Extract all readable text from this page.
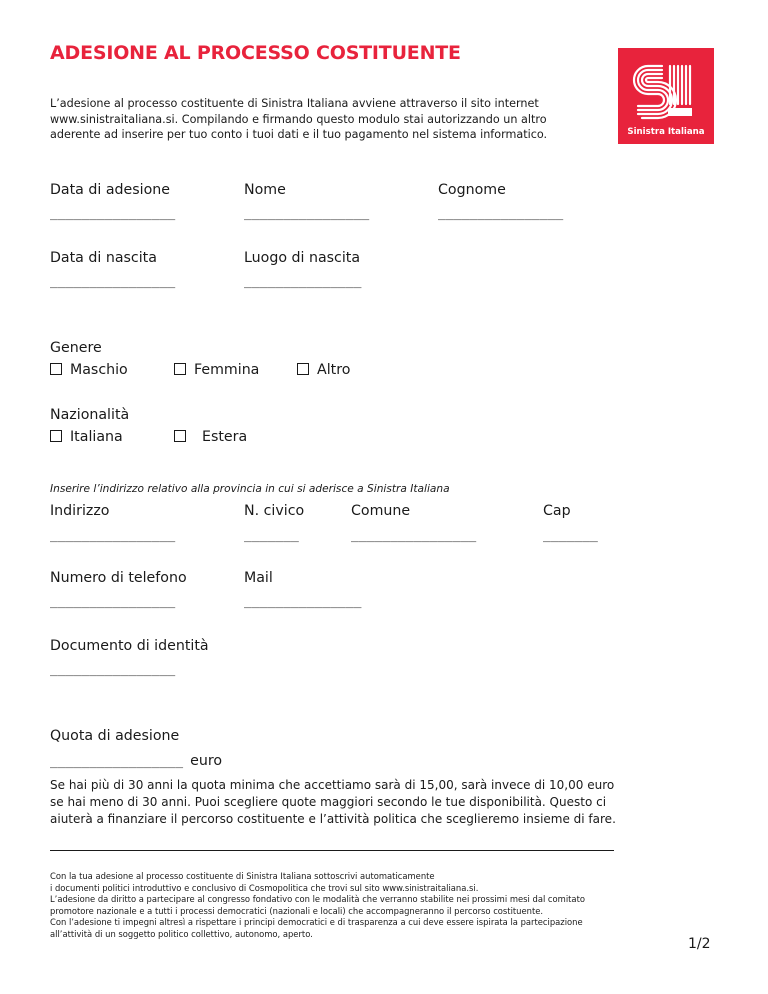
ADESIONE AL PROCESSO COSTITUENTE
L’adesione al processo costituente di Sinistra Italiana avviene attraverso il sito internet www.sinistraitaliana.si. Compilando e firmando questo modulo stai autorizzando un altro aderente ad inserire per tuo conto i tuoi dati e il tuo pagamento nel sistema informatico.	Sinistra Italiana
Data di adesione	Nome	Cognome
________________	________________	________________
Data di nascita	Luogo di nascita
________________	_______________
Genere
Maschio	Femmina	Altro
Nazionalità
Italiana	Estera
Inserire l’indirizzo relativo alla provincia in cui si aderisce a Sinistra Italiana
Indirizzo	N. civico	Comune	Cap
________________	_______	________________	_______
Numero di telefono	Mail
________________	_______________
Documento di identità
________________
Quota di adesione
_________________ euro
Se hai più di 30 anni la quota minima che accettiamo sarà di 15,00, sarà invece di 10,00 euro se hai meno di 30 anni. Puoi scegliere quote maggiori secondo le tue disponibilità. Questo ci aiuterà a finanziare il percorso costituente e l’attività politica che sceglieremo insieme di fare.
Con la tua adesione al processo costituente di Sinistra Italiana sottoscrivi automaticamente
i documenti politici introduttivo e conclusivo di Cosmopolitica che trovi sul sito www.sinistraitaliana.si.
L’adesione da diritto a partecipare al congresso fondativo con le modalità che verranno stabilite nei prossimi mesi dal comitato
promotore nazionale e a tutti i processi democratici (nazionali e locali) che accompagneranno il percorso costituente.
Con l’adesione ti impegni altresì a rispettare i principi democratici e di trasparenza a cui deve essere ispirata la partecipazione
all’attività di un soggetto politico collettivo, autonomo, aperto.
1/2
